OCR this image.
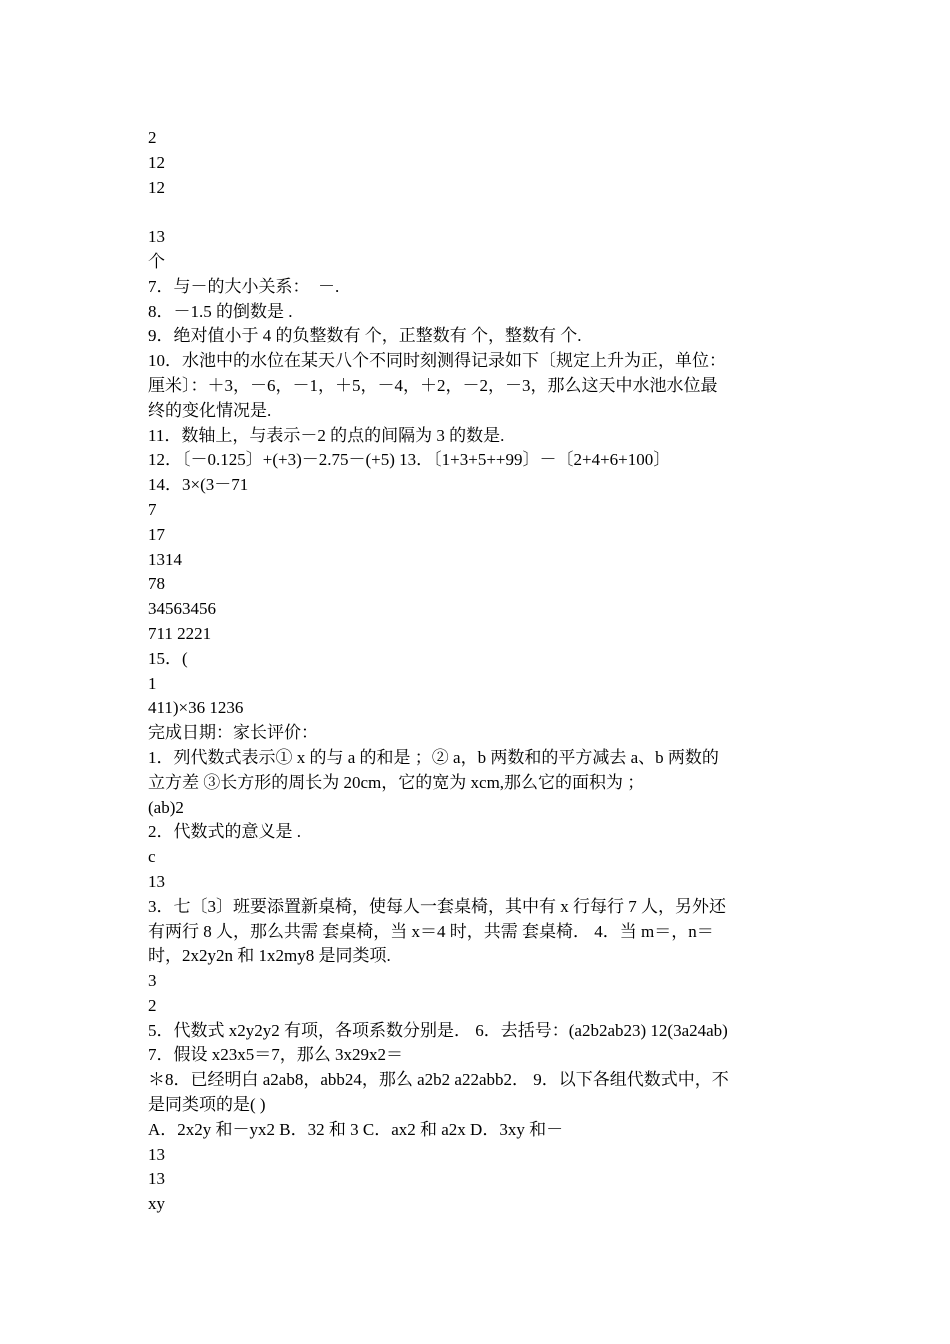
2
12
12
13
个
7．与－的大小关系：　－.
8．－1.5 的倒数是 .
9．绝对值小于 4 的负整数有 个，正整数有 个，整数有 个.
10．水池中的水位在某天八个不同时刻测得记录如下〔规定上升为正，单位：
厘米〕：＋3，－6，－1，＋5，－4，＋2，－2，－3，那么这天中水池水位最
终的变化情况是.
11．数轴上，与表示－2 的点的间隔为 3 的数是.
12．〔－0.125〕+(+3)－2.75－(+5) 13．〔1+3+5++99〕－〔2+4+6+100〕
14．3×(3－71
7
17
1314
78
34563456
711 2221
15．(
1
411)×36 1236
完成日期：家长评价：
1．列代数式表示① x 的与 a 的和是 ；② a，b 两数和的平方减去 a、b 两数的
立方差 ③长方形的周长为 20cm，它的宽为 xcm,那么它的面积为 ；
(ab)2
2．代数式的意义是 .
c
13
3．七〔3〕班要添置新桌椅，使每人一套桌椅，其中有 x 行每行 7 人，另外还
有两行 8 人，那么共需 套桌椅，当 x＝4 时，共需 套桌椅． 4．当 m＝，n＝
时，2x2y2n 和 1x2my8 是同类项.
3
2
5．代数式 x2y2y2 有项，各项系数分别是． 6．去括号：(a2b2ab23) 12(3a24ab)
7．假设 x23x5＝7，那么 3x29x2＝
＊8．已经明白 a2ab8，abb24，那么 a2b2 a22abb2． 9．以下各组代数式中，不
是同类项的是( )
A．2x2y 和－yx2 B．32 和 3 C．ax2 和 a2x D．3xy 和－
13
13
xy
